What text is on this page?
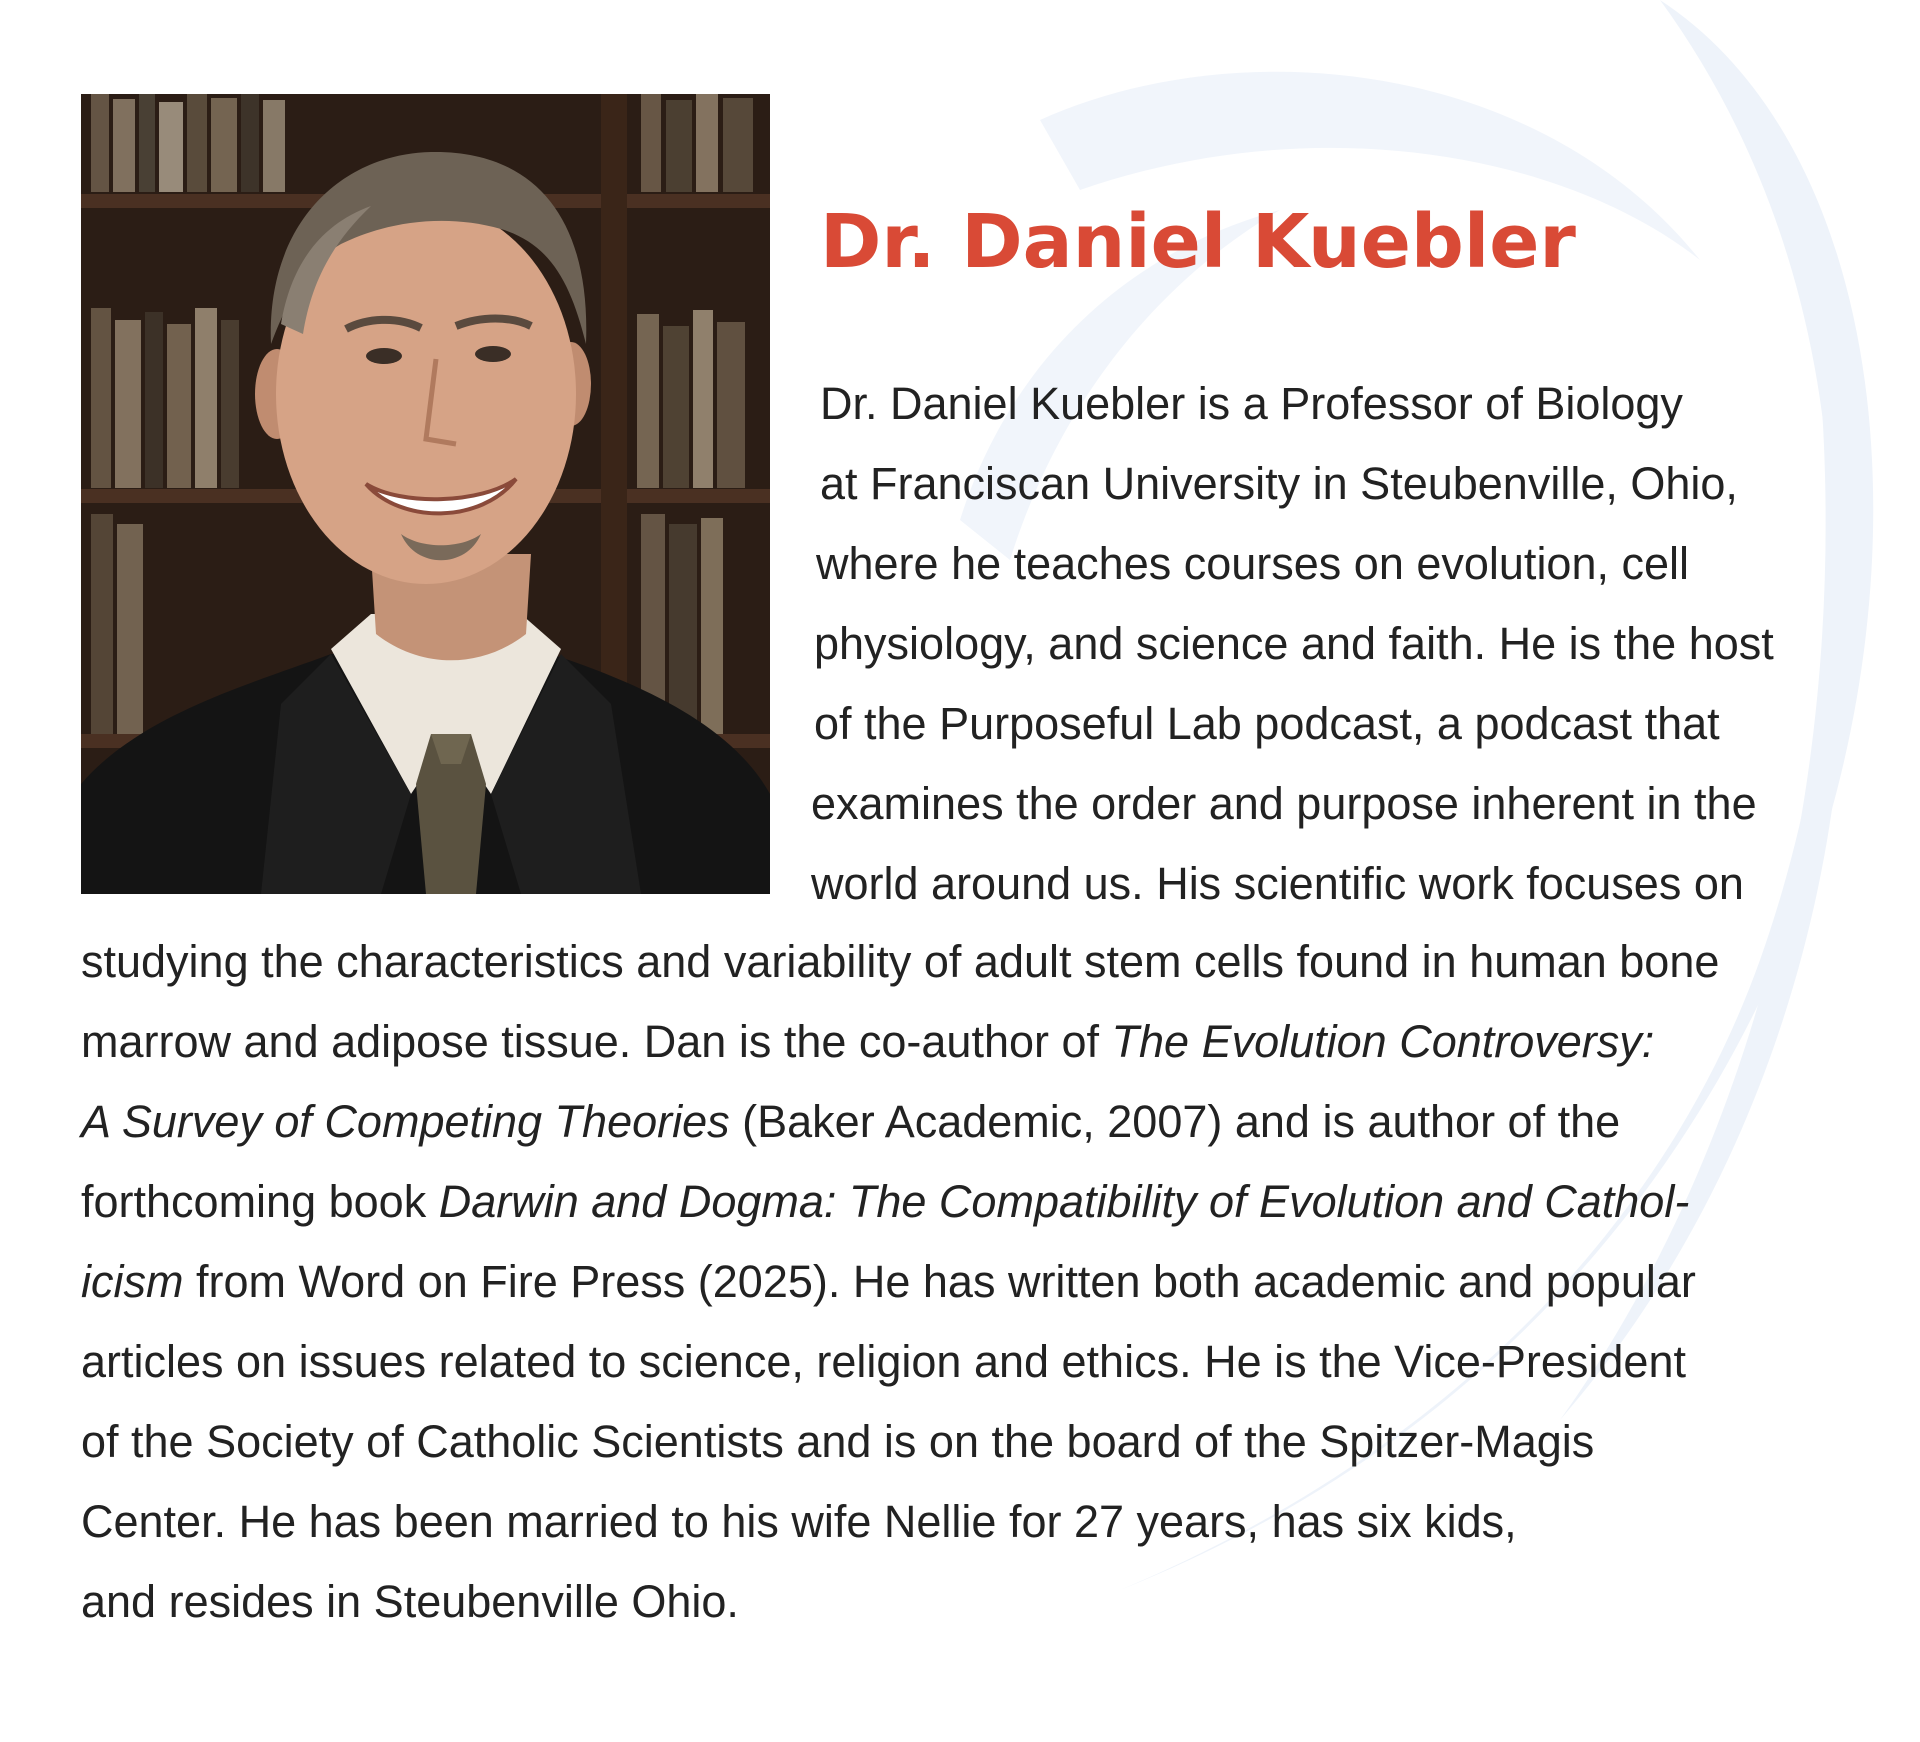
Dr. Daniel Kuebler

Dr. Daniel Kuebler is a Professor of Biology

at Franciscan University in Steubenville, Ohio,

where he teaches courses on evolution, cell

physiology, and science and faith. He is the host

of the Purposeful Lab podcast, a podcast that

examines the order and purpose inherent in the

world around us. His scientific work focuses on

studying the characteristics and variability of adult stem cells found in human bone

marrow and adipose tissue. Dan is the co-author of The Evolution Controversy:

A Survey of Competing Theories (Baker Academic, 2007) and is author of the

forthcoming book Darwin and Dogma: The Compatibility of Evolution and Cathol-

icism from Word on Fire Press (2025). He has written both academic and popular

articles on issues related to science, religion and ethics. He is the Vice-President

of the Society of Catholic Scientists and is on the board of the Spitzer-Magis

Center. He has been married to his wife Nellie for 27 years, has six kids,

and resides in Steubenville Ohio.
